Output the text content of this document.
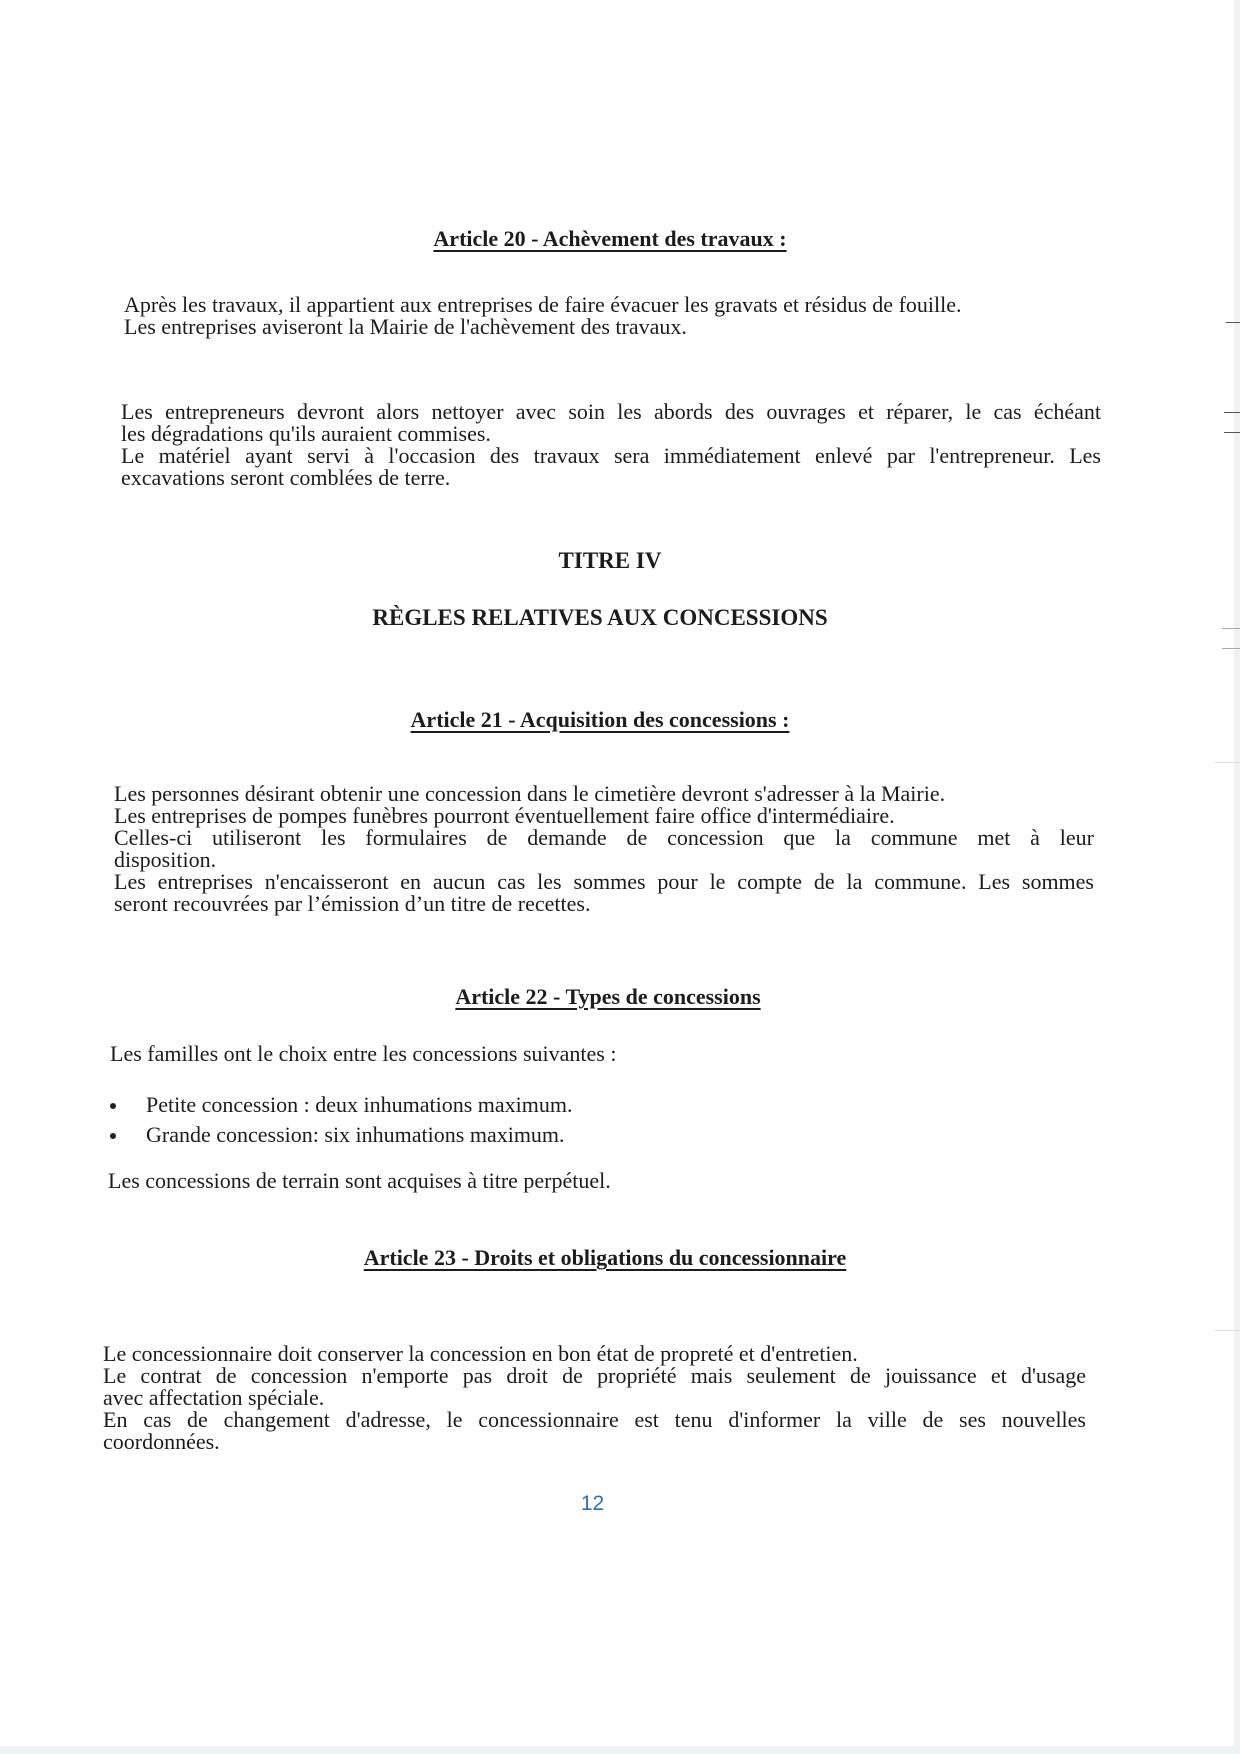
Article 20 - Achèvement des travaux :
Après les travaux, il appartient aux entreprises de faire évacuer les gravats et résidus de fouille.
Les entreprises aviseront la Mairie de l'achèvement des travaux.
Les entrepreneurs devront alors nettoyer avec soin les abords des ouvrages et réparer, le cas échéant
les dégradations qu'ils auraient commises.
Le matériel ayant servi à l'occasion des travaux sera immédiatement enlevé par l'entrepreneur. Les
excavations seront comblées de terre.
TITRE IV
RÈGLES RELATIVES AUX CONCESSIONS
Article 21 - Acquisition des concessions :
Les personnes désirant obtenir une concession dans le cimetière devront s'adresser à la Mairie.
Les entreprises de pompes funèbres pourront éventuellement faire office d'intermédiaire.
Celles-ci utiliseront les formulaires de demande de concession que la commune met à leur
disposition.
Les entreprises n'encaisseront en aucun cas les sommes pour le compte de la commune. Les sommes
seront recouvrées par l’émission d’un titre de recettes.
Article 22 - Types de concessions
Les familles ont le choix entre les concessions suivantes :
Petite concession : deux inhumations maximum.
Grande concession: six inhumations maximum.
Les concessions de terrain sont acquises à titre perpétuel.
Article 23 - Droits et obligations du concessionnaire
Le concessionnaire doit conserver la concession en bon état de propreté et d'entretien.
Le contrat de concession n'emporte pas droit de propriété mais seulement de jouissance et d'usage
avec affectation spéciale.
En cas de changement d'adresse, le concessionnaire est tenu d'informer la ville de ses nouvelles
coordonnées.
12
